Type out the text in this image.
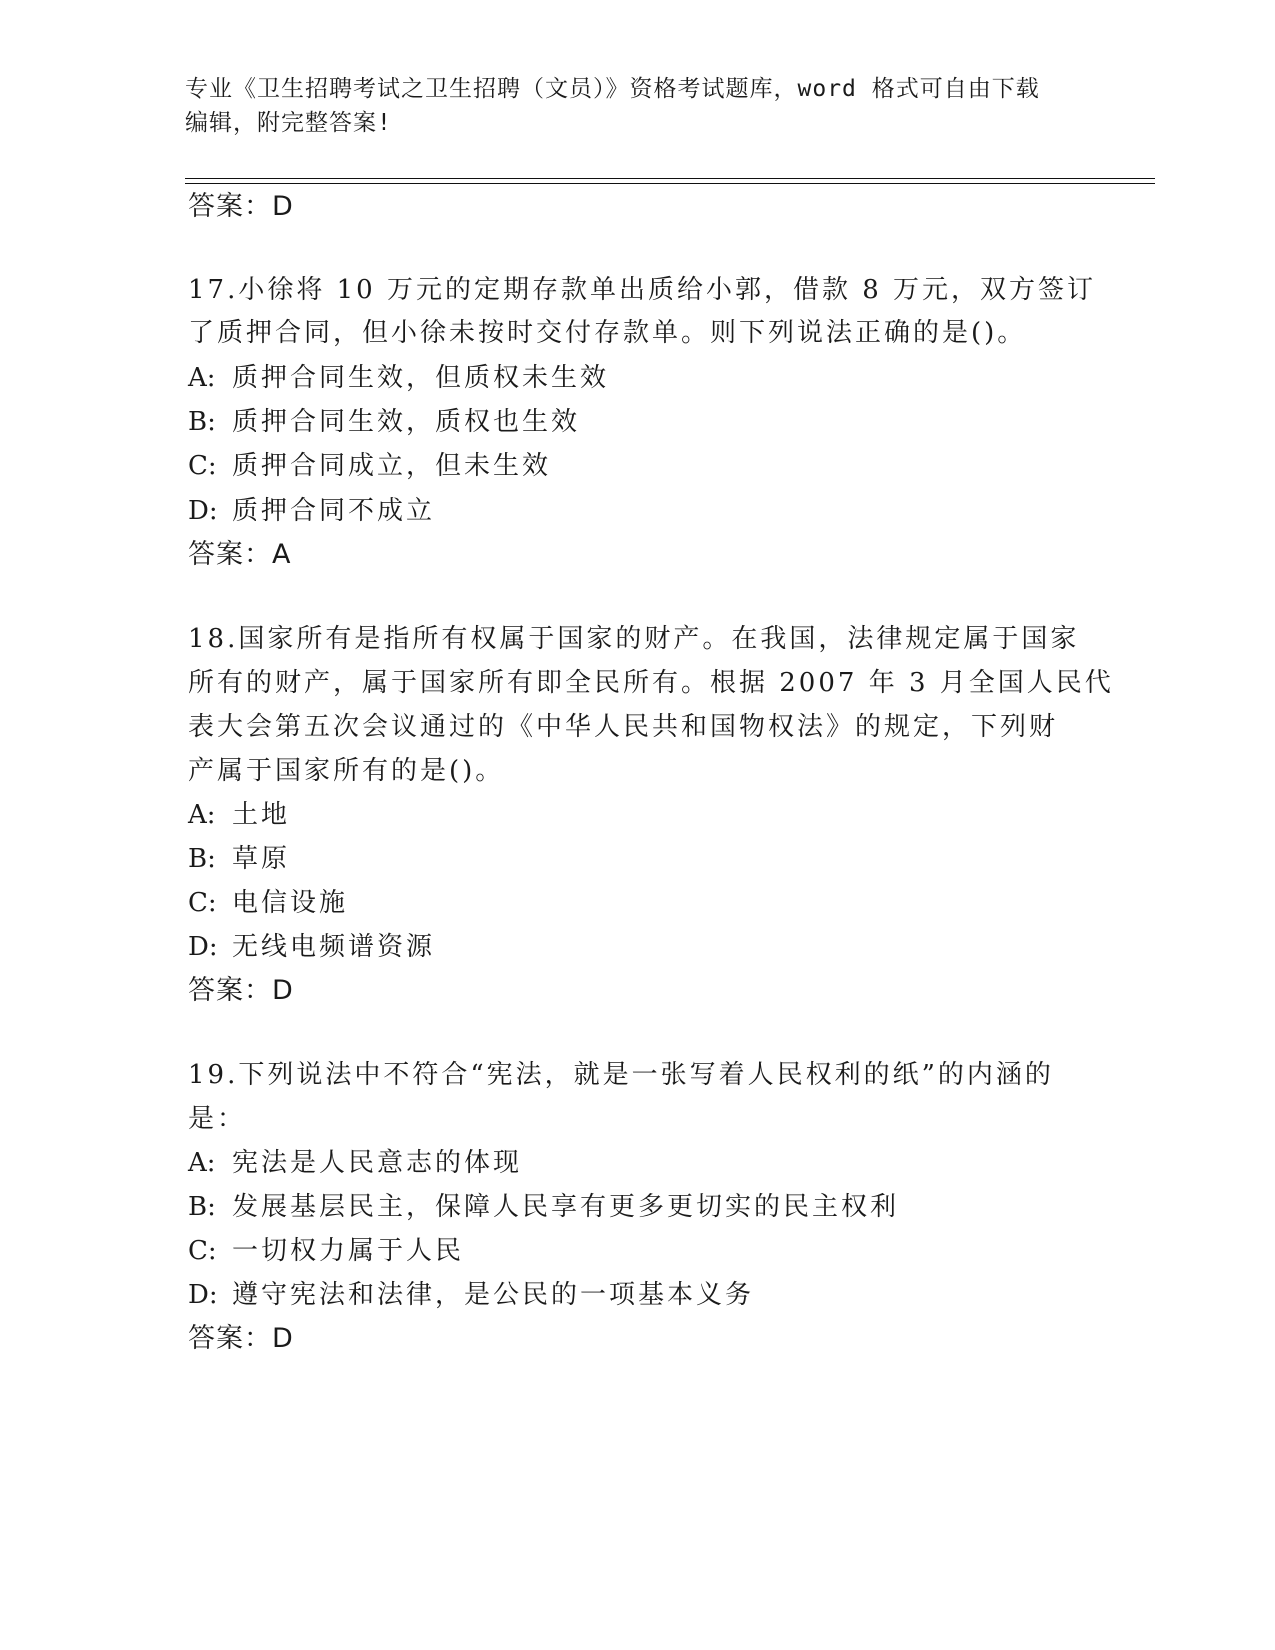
专业《卫生招聘考试之卫生招聘（文员）》资格考试题库，word 格式可自由下载
编辑，附完整答案!
答案：D
17.小徐将 10 万元的定期存款单出质给小郭，借款 8 万元，双方签订
了质押合同，但小徐未按时交付存款单。则下列说法正确的是()。
A: 质押合同生效，但质权未生效
B: 质押合同生效，质权也生效
C: 质押合同成立，但未生效
D: 质押合同不成立
答案：A
18.国家所有是指所有权属于国家的财产。在我国，法律规定属于国家
所有的财产，属于国家所有即全民所有。根据 2007 年 3 月全国人民代
表大会第五次会议通过的《中华人民共和国物权法》的规定，下列财
产属于国家所有的是()。
A: 土地
B: 草原
C: 电信设施
D: 无线电频谱资源
答案：D
19.下列说法中不符合“宪法，就是一张写着人民权利的纸”的内涵的
是：
A: 宪法是人民意志的体现
B: 发展基层民主，保障人民享有更多更切实的民主权利
C: 一切权力属于人民
D: 遵守宪法和法律，是公民的一项基本义务
答案：D
